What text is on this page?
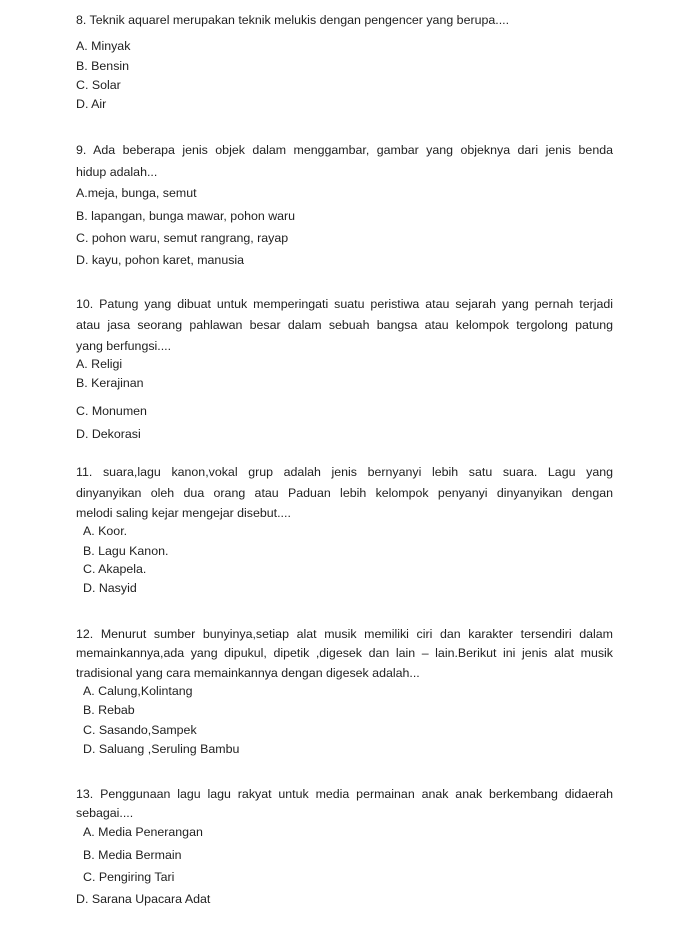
8. Teknik aquarel merupakan teknik melukis dengan pengencer yang berupa....
A. Minyak
B. Bensin
C. Solar
D. Air
9. Ada beberapa jenis objek dalam menggambar, gambar yang objeknya dari jenis benda
hidup adalah...
A.meja, bunga, semut
B. lapangan, bunga mawar, pohon waru
C. pohon waru, semut rangrang, rayap
D. kayu, pohon karet, manusia
10. Patung yang dibuat untuk memperingati suatu peristiwa atau sejarah yang pernah terjadi
atau jasa seorang pahlawan besar dalam sebuah bangsa atau kelompok tergolong patung
yang berfungsi....
A. Religi
B. Kerajinan
C. Monumen
D. Dekorasi
11. suara,lagu kanon,vokal grup adalah jenis bernyanyi lebih satu suara. Lagu yang
dinyanyikan oleh dua orang atau Paduan lebih kelompok penyanyi dinyanyikan dengan
melodi saling kejar mengejar disebut....
A. Koor.
B. Lagu Kanon.
C. Akapela.
D. Nasyid
12. Menurut sumber bunyinya,setiap alat musik memiliki ciri dan karakter tersendiri dalam
memainkannya,ada yang dipukul, dipetik ,digesek dan lain – lain.Berikut ini jenis alat musik
tradisional yang cara memainkannya dengan digesek adalah...
A. Calung,Kolintang
B. Rebab
C. Sasando,Sampek
D. Saluang ,Seruling Bambu
13. Penggunaan lagu lagu rakyat untuk media permainan anak anak berkembang didaerah
sebagai....
A. Media Penerangan
B. Media Bermain
C. Pengiring Tari
D. Sarana Upacara Adat
